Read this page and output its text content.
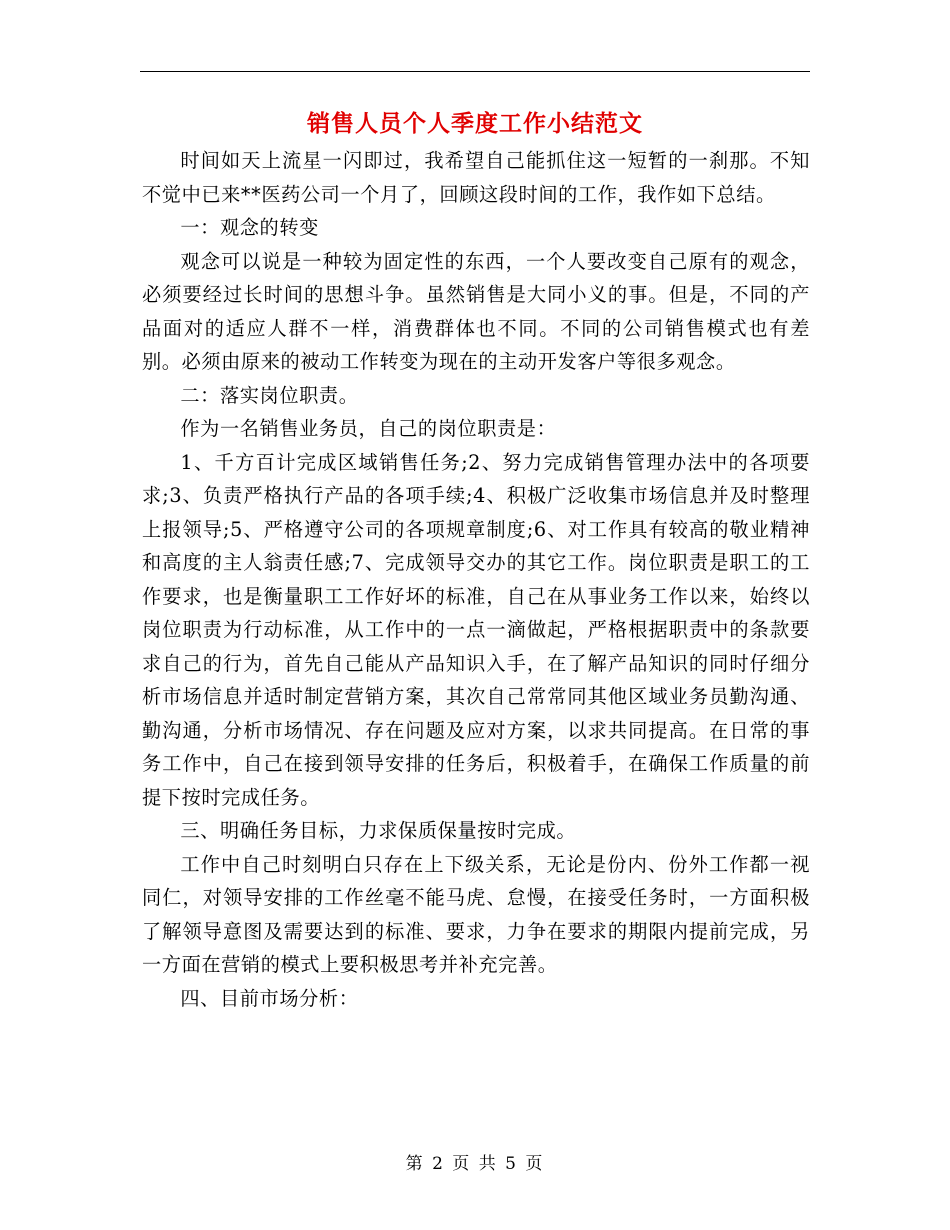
销售人员个人季度工作小结范文

时间如天上流星一闪即过，我希望自己能抓住这一短暂的一刹那。不知不觉中已来**医药公司一个月了，回顾这段时间的工作，我作如下总结。

一：观念的转变

观念可以说是一种较为固定性的东西，一个人要改变自己原有的观念，必须要经过长时间的思想斗争。虽然销售是大同小义的事。但是，不同的产品面对的适应人群不一样，消费群体也不同。不同的公司销售模式也有差别。必须由原来的被动工作转变为现在的主动开发客户等很多观念。

二：落实岗位职责。

作为一名销售业务员，自己的岗位职责是：

1、千方百计完成区域销售任务;2、努力完成销售管理办法中的各项要求;3、负责严格执行产品的各项手续;4、积极广泛收集市场信息并及时整理上报领导;5、严格遵守公司的各项规章制度;6、对工作具有较高的敬业精神和高度的主人翁责任感;7、完成领导交办的其它工作。岗位职责是职工的工作要求，也是衡量职工工作好坏的标准，自己在从事业务工作以来，始终以岗位职责为行动标准，从工作中的一点一滴做起，严格根据职责中的条款要求自己的行为，首先自己能从产品知识入手，在了解产品知识的同时仔细分析市场信息并适时制定营销方案，其次自己常常同其他区域业务员勤沟通、勤沟通，分析市场情况、存在问题及应对方案，以求共同提高。在日常的事务工作中，自己在接到领导安排的任务后，积极着手，在确保工作质量的前提下按时完成任务。

三、明确任务目标，力求保质保量按时完成。

工作中自己时刻明白只存在上下级关系，无论是份内、份外工作都一视同仁，对领导安排的工作丝毫不能马虎、怠慢，在接受任务时，一方面积极了解领导意图及需要达到的标准、要求，力争在要求的期限内提前完成，另一方面在营销的模式上要积极思考并补充完善。

四、目前市场分析：

第 2 页 共 5 页
